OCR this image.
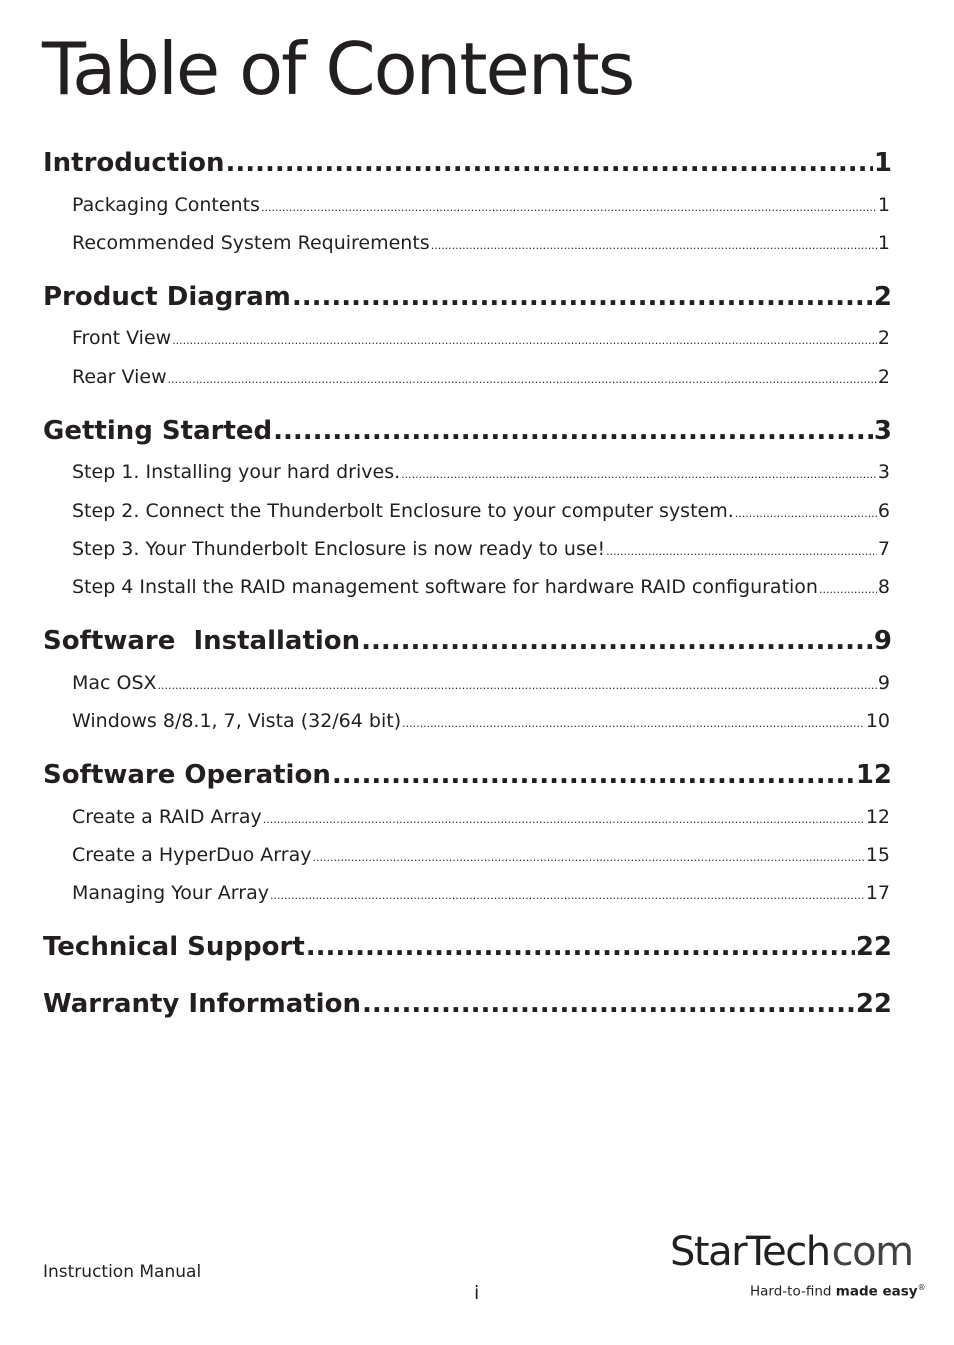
Table of Contents
Introduction .....	1
Packaging Contents .....	1
Recommended System Requirements .....	1
Product Diagram .....	2
Front View .....	2
Rear View .....	2
Getting Started .....	3
Step 1. Installing your hard drives. .....	3
Step 2. Connect the Thunderbolt Enclosure to your computer system. .....	6
Step 3. Your Thunderbolt Enclosure is now ready to use! .....	7
Step 4 Install the RAID management software for hardware RAID configuration .....	8
Software  Installation .....	9
Mac OSX .....	9
Windows 8/8.1, 7, Vista (32/64 bit) .....	10
Software Operation .....	12
Create a RAID Array .....	12
Create a HyperDuo Array .....	15
Managing Your Array .....	17
Technical Support .....	22
Warranty Information .....	22
Instruction Manual
i
StarTech com
Hard-to-find made easy®
